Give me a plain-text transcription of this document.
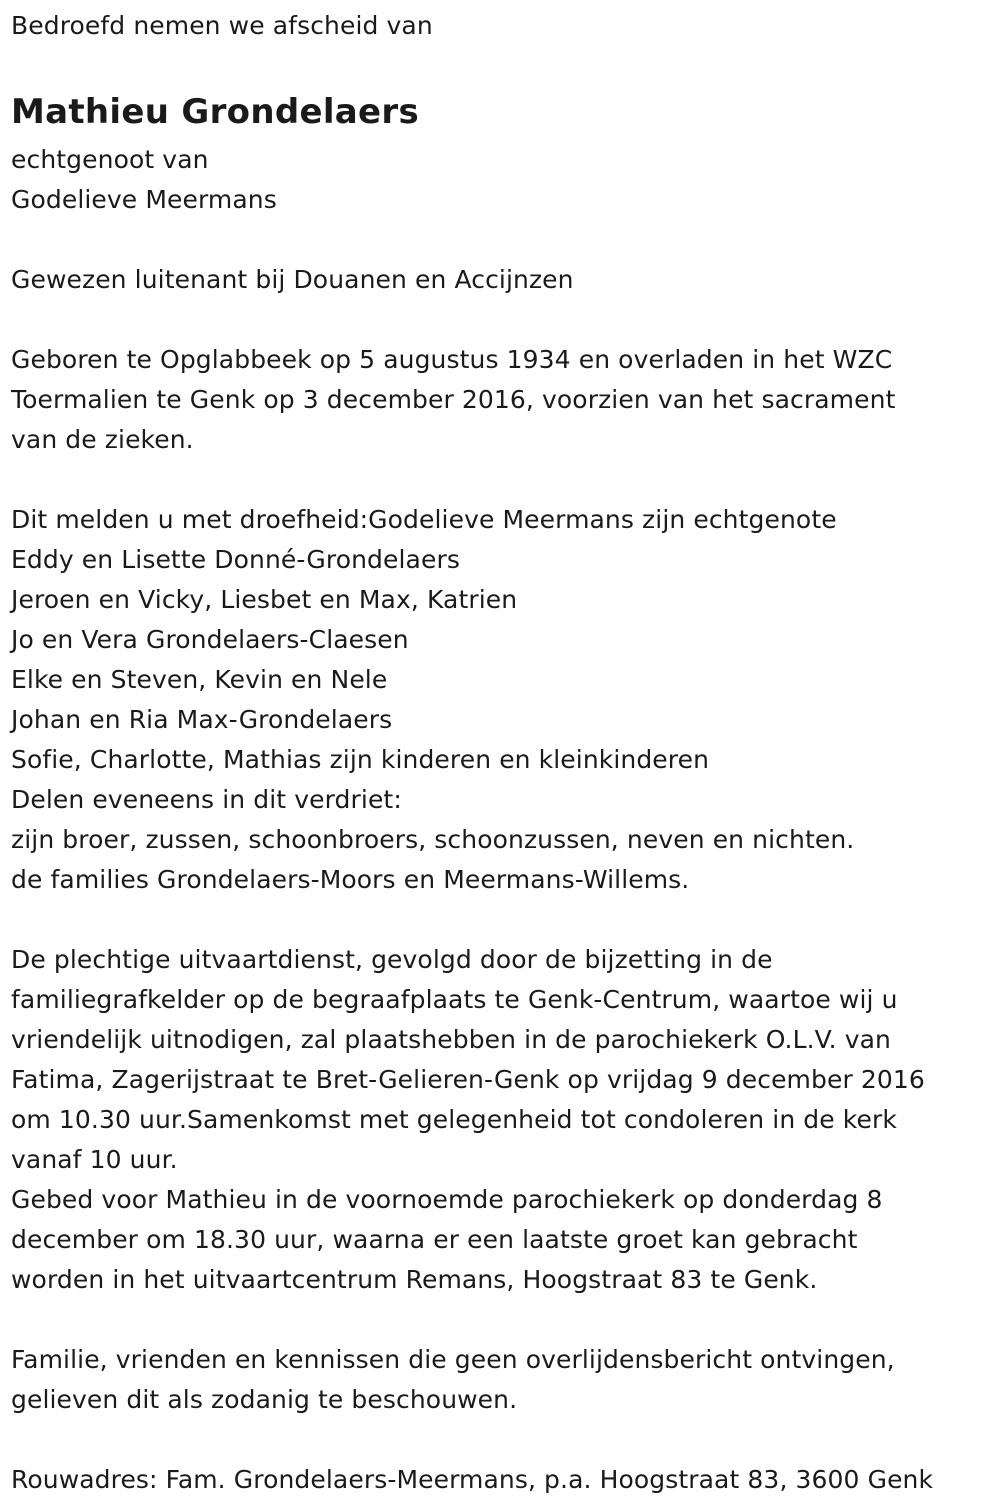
Bedroefd nemen we afscheid van
Mathieu Grondelaers
echtgenoot van
Godelieve Meermans
Gewezen luitenant bij Douanen en Accijnzen
Geboren te Opglabbeek op 5 augustus 1934 en overladen in het WZC
Toermalien te Genk op 3 december 2016, voorzien van het sacrament
van de zieken.
Dit melden u met droefheid:Godelieve Meermans zijn echtgenote
Eddy en Lisette Donné-Grondelaers
Jeroen en Vicky, Liesbet en Max, Katrien
Jo en Vera Grondelaers-Claesen
Elke en Steven, Kevin en Nele
Johan en Ria Max-Grondelaers
Sofie, Charlotte, Mathias zijn kinderen en kleinkinderen
Delen eveneens in dit verdriet:
zijn broer, zussen, schoonbroers, schoonzussen, neven en nichten.
de families Grondelaers-Moors en Meermans-Willems.
De plechtige uitvaartdienst, gevolgd door de bijzetting in de
familiegrafkelder op de begraafplaats te Genk-Centrum, waartoe wij u
vriendelijk uitnodigen, zal plaatshebben in de parochiekerk O.L.V. van
Fatima, Zagerijstraat te Bret-Gelieren-Genk op vrijdag 9 december 2016
om 10.30 uur.Samenkomst met gelegenheid tot condoleren in de kerk
vanaf 10 uur.
Gebed voor Mathieu in de voornoemde parochiekerk op donderdag 8
december om 18.30 uur, waarna er een laatste groet kan gebracht
worden in het uitvaartcentrum Remans, Hoogstraat 83 te Genk.
Familie, vrienden en kennissen die geen overlijdensbericht ontvingen,
gelieven dit als zodanig te beschouwen.
Rouwadres: Fam. Grondelaers-Meermans, p.a. Hoogstraat 83, 3600 Genk
